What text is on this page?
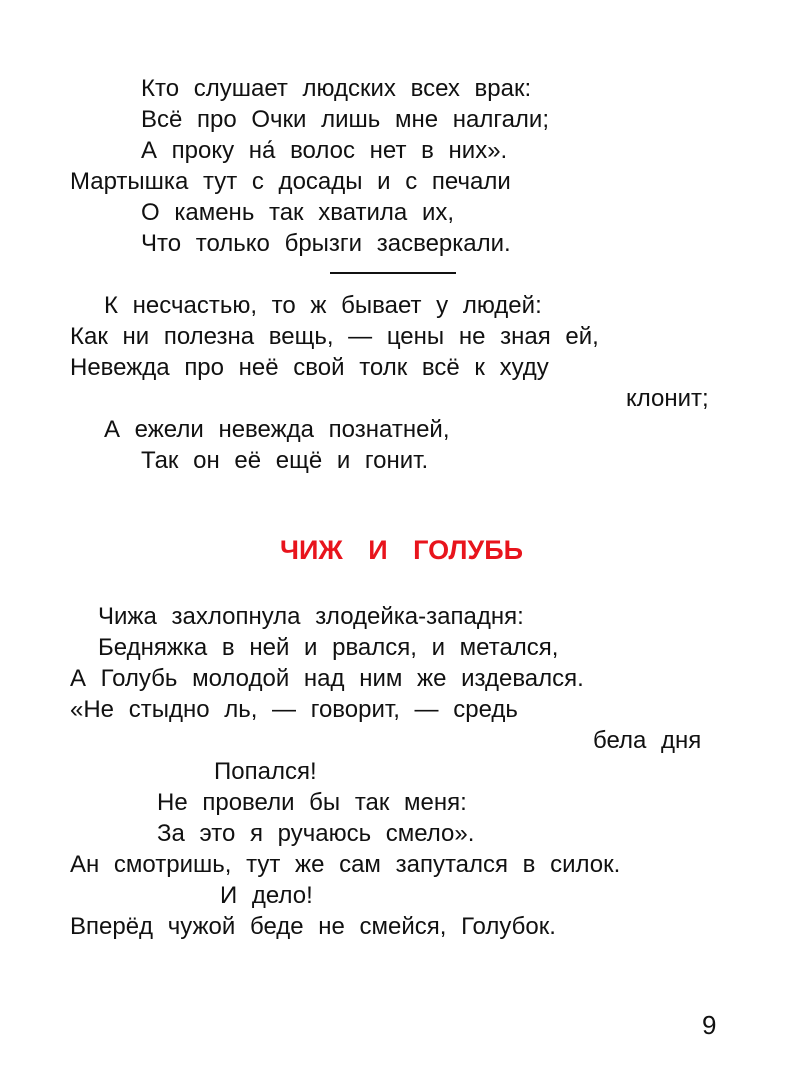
Кто слушает людских всех врак:
Всё про Очки лишь мне налгали;
А проку на́ волос нет в них».
Мартышка тут с досады и с печали
О камень так хватила их,
Что только брызги засверкали.
К несчастью, то ж бывает у людей:
Как ни полезна вещь, — цены не зная ей,
Невежда про неё свой толк всё к худу
клонит;
А ежели невежда познатней,
Так он её ещё и гонит.
ЧИЖ И ГОЛУБЬ
Чижа захлопнула злодейка-западня:
Бедняжка в ней и рвался, и метался,
А Голубь молодой над ним же издевался.
«Не стыдно ль, — говорит, — средь
бела дня
Попался!
Не провели бы так меня:
За это я ручаюсь смело».
Ан смотришь, тут же сам запутался в силок.
И дело!
Вперёд чужой беде не смейся, Голубок.
9
